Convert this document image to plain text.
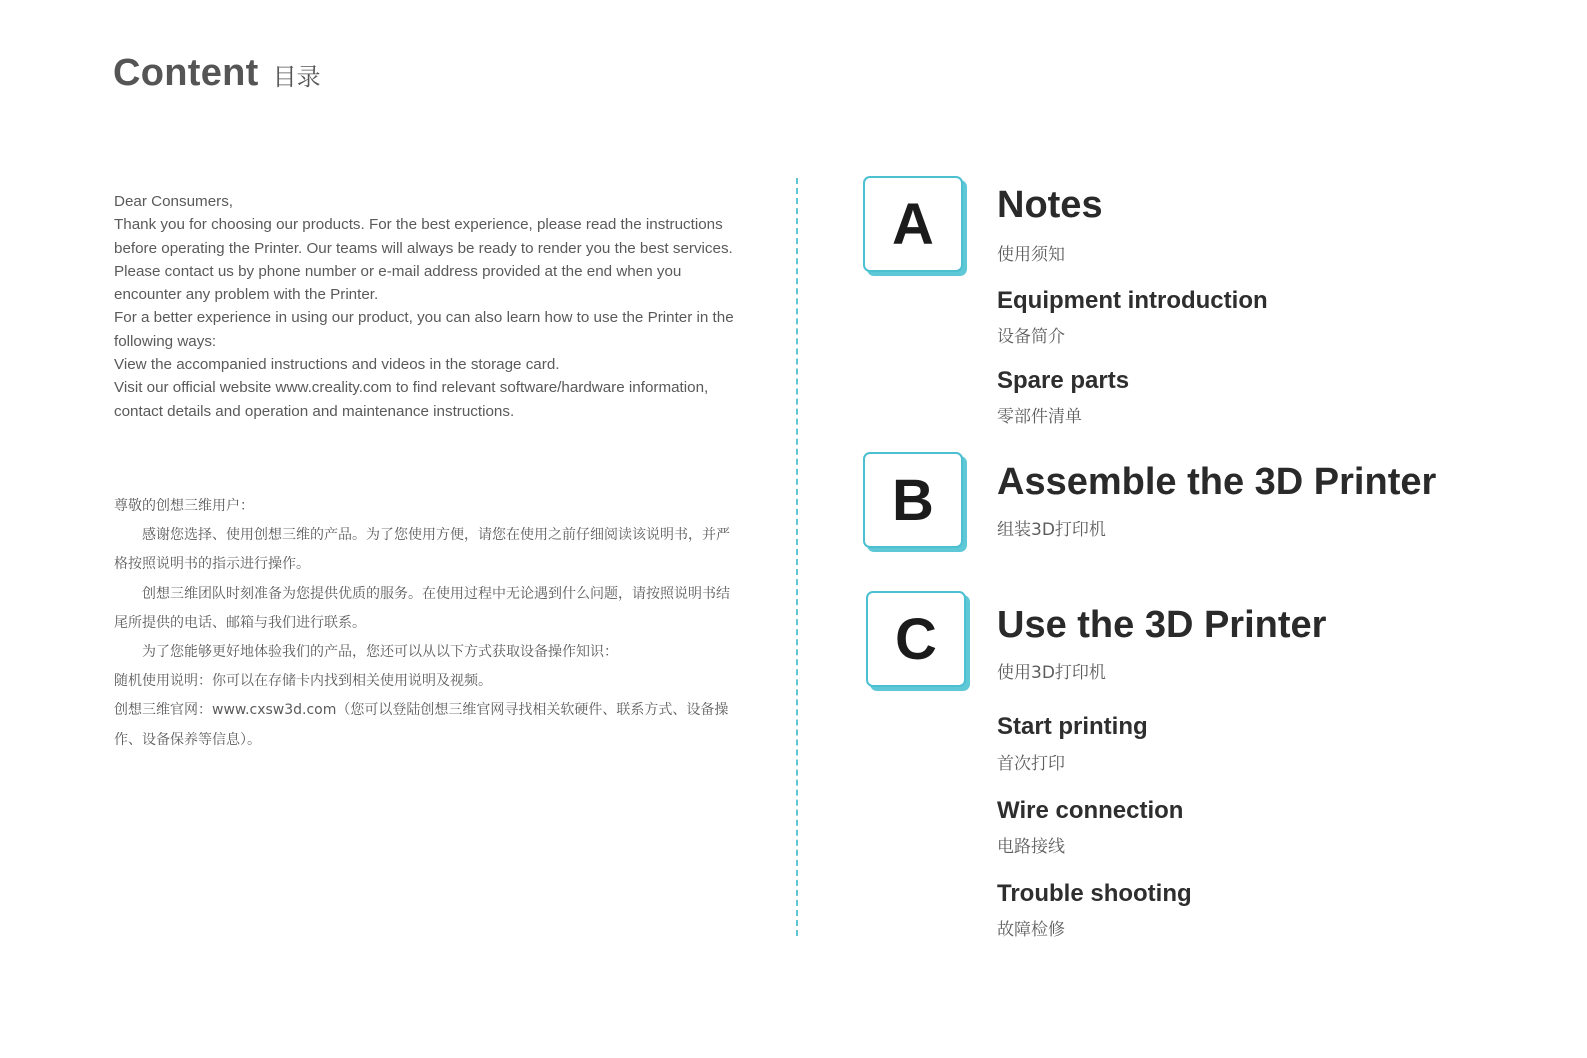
Content 目录

Dear Consumers,

Thank you for choosing our products. For the best experience, please read the instructions before operating the Printer. Our teams will always be ready to render you the best services. Please contact us by phone number or e-mail address provided at the end when you encounter any problem with the Printer.

For a better experience in using our product, you can also learn how to use the Printer in the following ways:

View the accompanied instructions and videos in the storage card.

Visit our official website www.creality.com to find relevant software/hardware information, contact details and operation and maintenance instructions.

尊敬的创想三维用户：

感谢您选择、使用创想三维的产品。为了您使用方便，请您在使用之前仔细阅读该说明书，并严格按照说明书的指示进行操作。

创想三维团队时刻准备为您提供优质的服务。在使用过程中无论遇到什么问题，请按照说明书结尾所提供的电话、邮箱与我们进行联系。

为了您能够更好地体验我们的产品，您还可以从以下方式获取设备操作知识：

随机使用说明：你可以在存储卡内找到相关使用说明及视频。

创想三维官网：www.cxsw3d.com（您可以登陆创想三维官网寻找相关软硬件、联系方式、设备操作、设备保养等信息）。

A	Notes
使用须知
Equipment introduction
设备简介
Spare parts
零部件清单
B	Assemble the 3D Printer
组装3D打印机
C	Use the 3D Printer
使用3D打印机
Start printing
首次打印
Wire connection
电路接线
Trouble shooting
故障检修
